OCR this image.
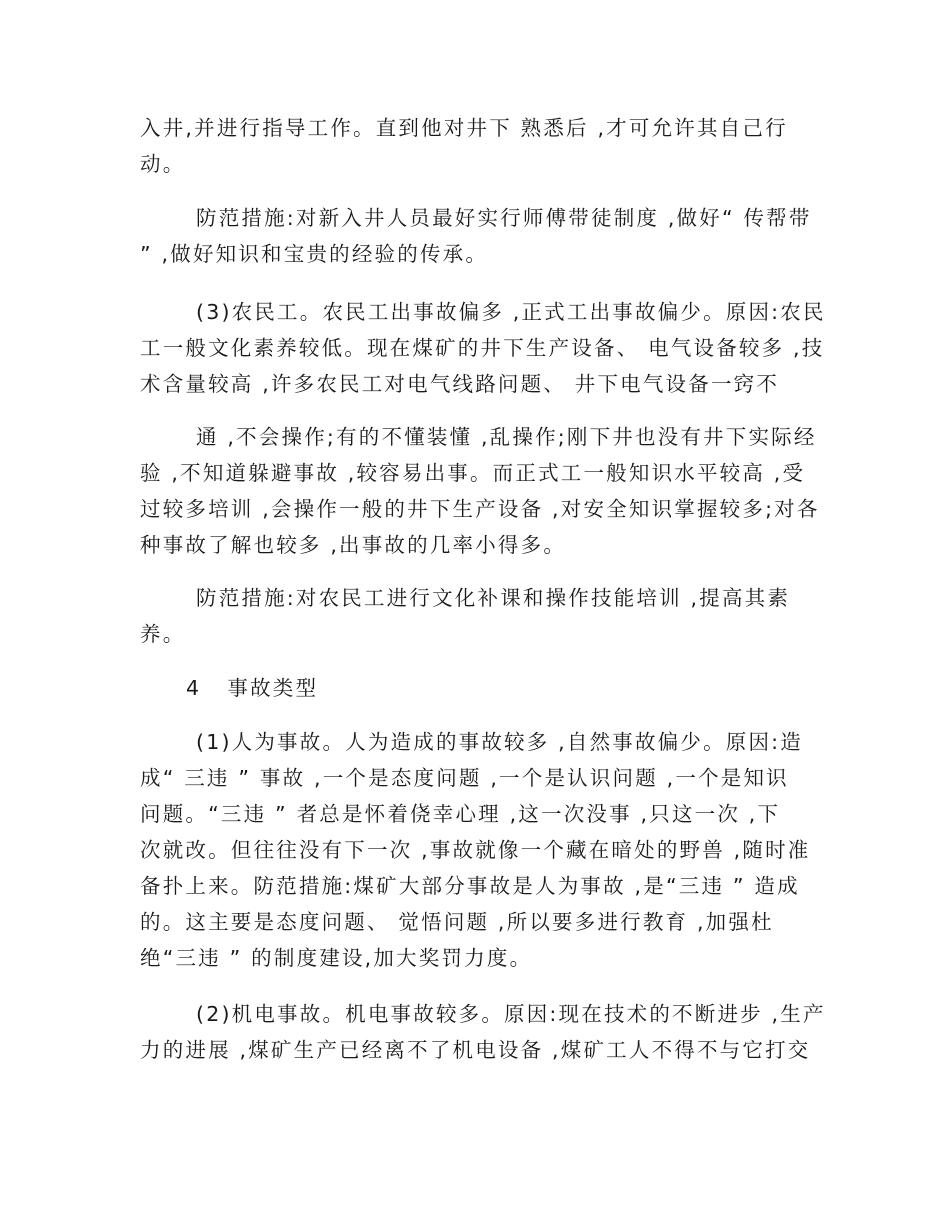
入井,并进行指导工作。直到他对井下 熟悉后 ,才可允许其自己行
动。
防范措施:对新入井人员最好实行师傅带徒制度 ,做好“ 传帮带
” ,做好知识和宝贵的经验的传承。
(3)农民工。农民工出事故偏多 ,正式工出事故偏少。原因:农民
工一般文化素养较低。现在煤矿的井下生产设备、 电气设备较多 ,技
术含量较高 ,许多农民工对电气线路问题、 井下电气设备一窍不
通 ,不会操作;有的不懂装懂 ,乱操作;刚下井也没有井下实际经
验 ,不知道躲避事故 ,较容易出事。而正式工一般知识水平较高 ,受
过较多培训 ,会操作一般的井下生产设备 ,对安全知识掌握较多;对各
种事故了解也较多 ,出事故的几率小得多。
防范措施:对农民工进行文化补课和操作技能培训 ,提高其素
养。
4   事故类型
(1)人为事故。人为造成的事故较多 ,自然事故偏少。原因:造
成“ 三违 ” 事故 ,一个是态度问题 ,一个是认识问题 ,一个是知识
问题。“三违 ” 者总是怀着侥幸心理 ,这一次没事 ,只这一次 ,下
次就改。但往往没有下一次 ,事故就像一个藏在暗处的野兽 ,随时准
备扑上来。防范措施:煤矿大部分事故是人为事故 ,是“三违 ” 造成
的。这主要是态度问题、 觉悟问题 ,所以要多进行教育 ,加强杜
绝“三违 ” 的制度建设,加大奖罚力度。
(2)机电事故。机电事故较多。原因:现在技术的不断进步 ,生产
力的进展 ,煤矿生产已经离不了机电设备 ,煤矿工人不得不与它打交
